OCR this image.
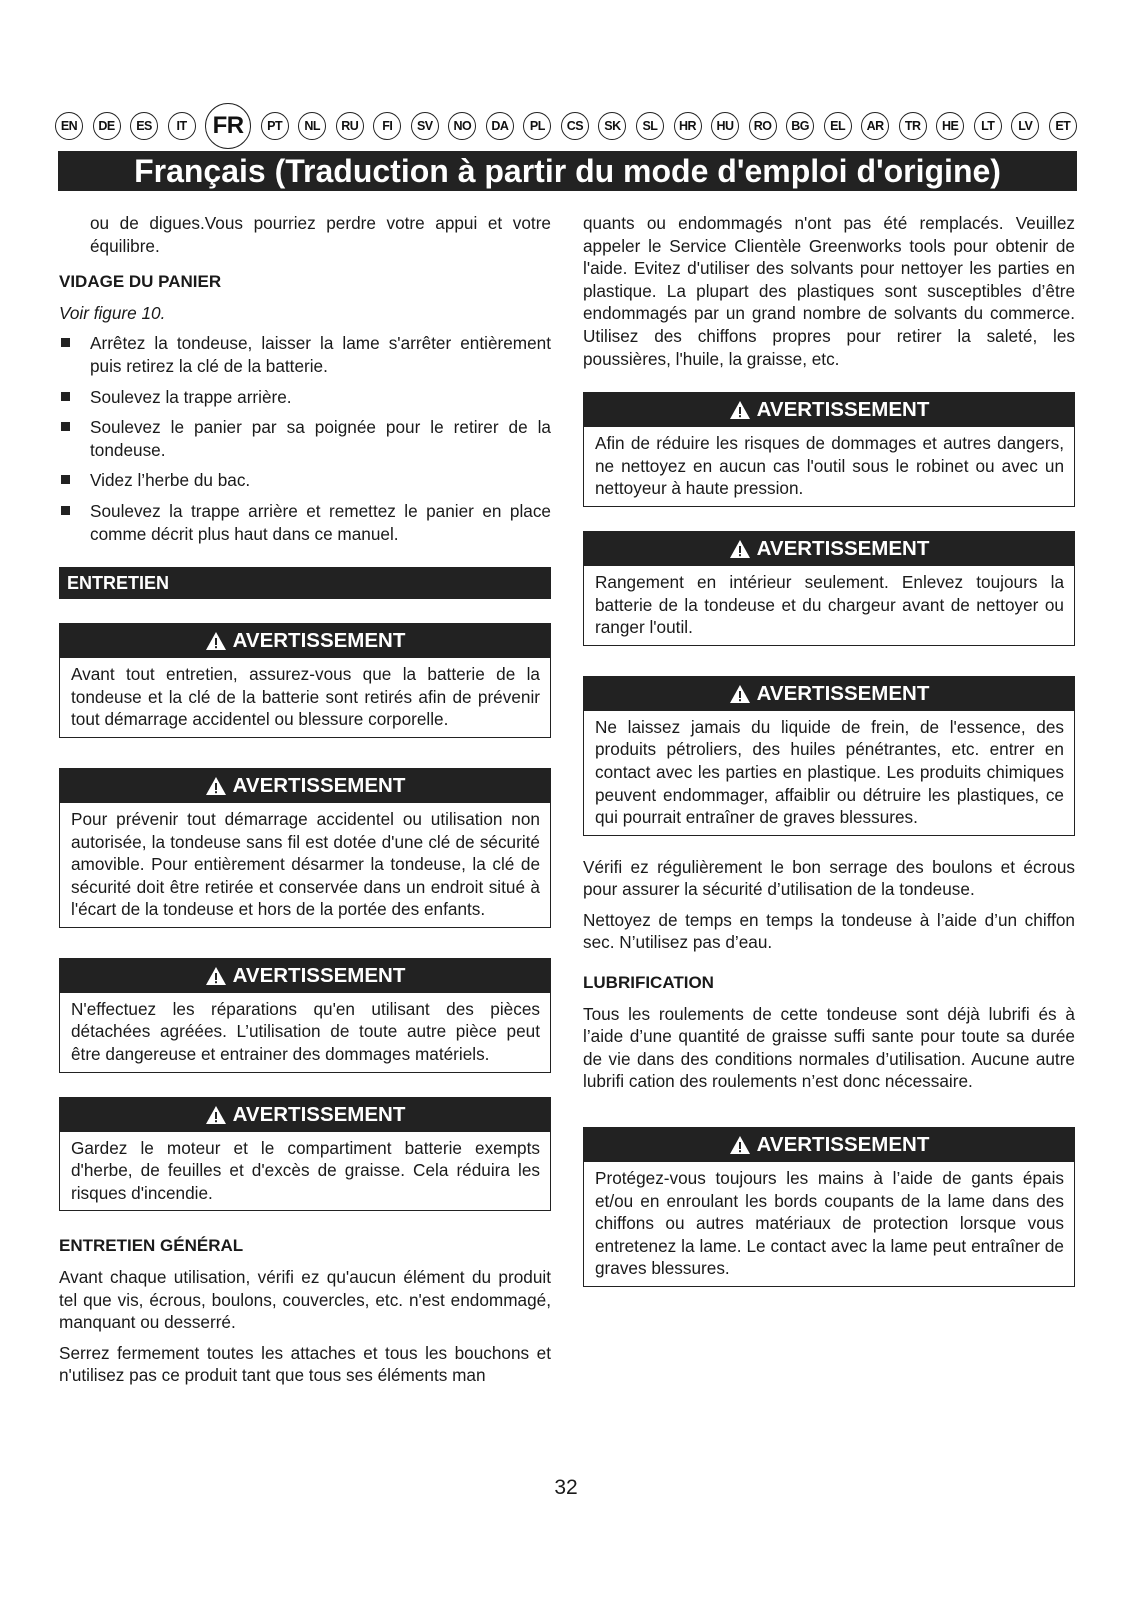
EN	DE	ES	IT	FR	PT	NL	RU	FI	SV	NO	DA	PL	CS	SK	SL	HR	HU	RO	BG	EL	AR	TR	HE	LT	LV	ET
Français (Traduction à partir du mode d'emploi d'origine)

ou de digues.Vous pourriez perdre votre appui et votre équilibre.

VIDAGE DU PANIER
Voir figure 10.
Arrêtez la tondeuse, laisser la lame s'arrêter entièrement puis retirez la clé de la batterie.
Soulevez la trappe arrière.
Soulevez le panier par sa poignée pour le retirer de la tondeuse.
Videz l’herbe du bac.
Soulevez la trappe arrière et remettez le panier en place comme décrit plus haut dans ce manuel.
ENTRETIEN
AVERTISSEMENT
Avant tout entretien, assurez-vous que la batterie de la tondeuse et la clé de la batterie sont retirés afin de prévenir tout démarrage accidentel ou blessure corporelle.
AVERTISSEMENT
Pour prévenir tout démarrage accidentel ou utilisation non autorisée, la tondeuse sans fil est dotée d'une clé de sécurité amovible. Pour entièrement désarmer la tondeuse, la clé de sécurité doit être retirée et conservée dans un endroit situé à l'écart de la tondeuse et hors de la portée des enfants.
AVERTISSEMENT
N'effectuez les réparations qu'en utilisant des pièces détachées agréées. L’utilisation de toute autre pièce peut être dangereuse et entrainer des dommages matériels.
AVERTISSEMENT
Gardez le moteur et le compartiment batterie exempts d'herbe, de feuilles et d'excès de graisse. Cela réduira les risques d'incendie.
ENTRETIEN GÉNÉRAL

Avant chaque utilisation, vérifi ez qu'aucun élément du produit tel que vis, écrous, boulons, couvercles, etc. n'est endommagé, manquant ou desserré.

Serrez fermement toutes les attaches et tous les bouchons et n'utilisez pas ce produit tant que tous ses éléments man

quants ou endommagés n'ont pas été remplacés. Veuillez appeler le Service Clientèle Greenworks tools pour obtenir de l'aide. Evitez d'utiliser des solvants pour nettoyer les parties en plastique. La plupart des plastiques sont susceptibles d’être endommagés par un grand nombre de solvants du commerce. Utilisez des chiffons propres pour retirer la saleté, les poussières, l'huile, la graisse, etc.

AVERTISSEMENT
Afin de réduire les risques de dommages et autres dangers, ne nettoyez en aucun cas l'outil sous le robinet ou avec un nettoyeur à haute pression.
AVERTISSEMENT
Rangement en intérieur seulement. Enlevez toujours la batterie de la tondeuse et du chargeur avant de nettoyer ou ranger l'outil.
AVERTISSEMENT
Ne laissez jamais du liquide de frein, de l'essence, des produits pétroliers, des huiles pénétrantes, etc. entrer en contact avec les parties en plastique. Les produits chimiques peuvent endommager, affaiblir ou détruire les plastiques, ce qui pourrait entraîner de graves blessures.

Vérifi ez régulièrement le bon serrage des boulons et écrous pour assurer la sécurité d’utilisation de la tondeuse.

Nettoyez de temps en temps la tondeuse à l’aide d’un chiffon sec. N’utilisez pas d’eau.

LUBRIFICATION

Tous les roulements de cette tondeuse sont déjà lubrifi és à l’aide d’une quantité de graisse suffi sante pour toute sa durée de vie dans des conditions normales d’utilisation. Aucune autre lubrifi cation des roulements n’est donc nécessaire.

AVERTISSEMENT
Protégez-vous toujours les mains à l’aide de gants épais et/ou en enroulant les bords coupants de la lame dans des chiffons ou autres matériaux de protection lorsque vous entretenez la lame. Le contact avec la lame peut entraîner de graves blessures.
32
